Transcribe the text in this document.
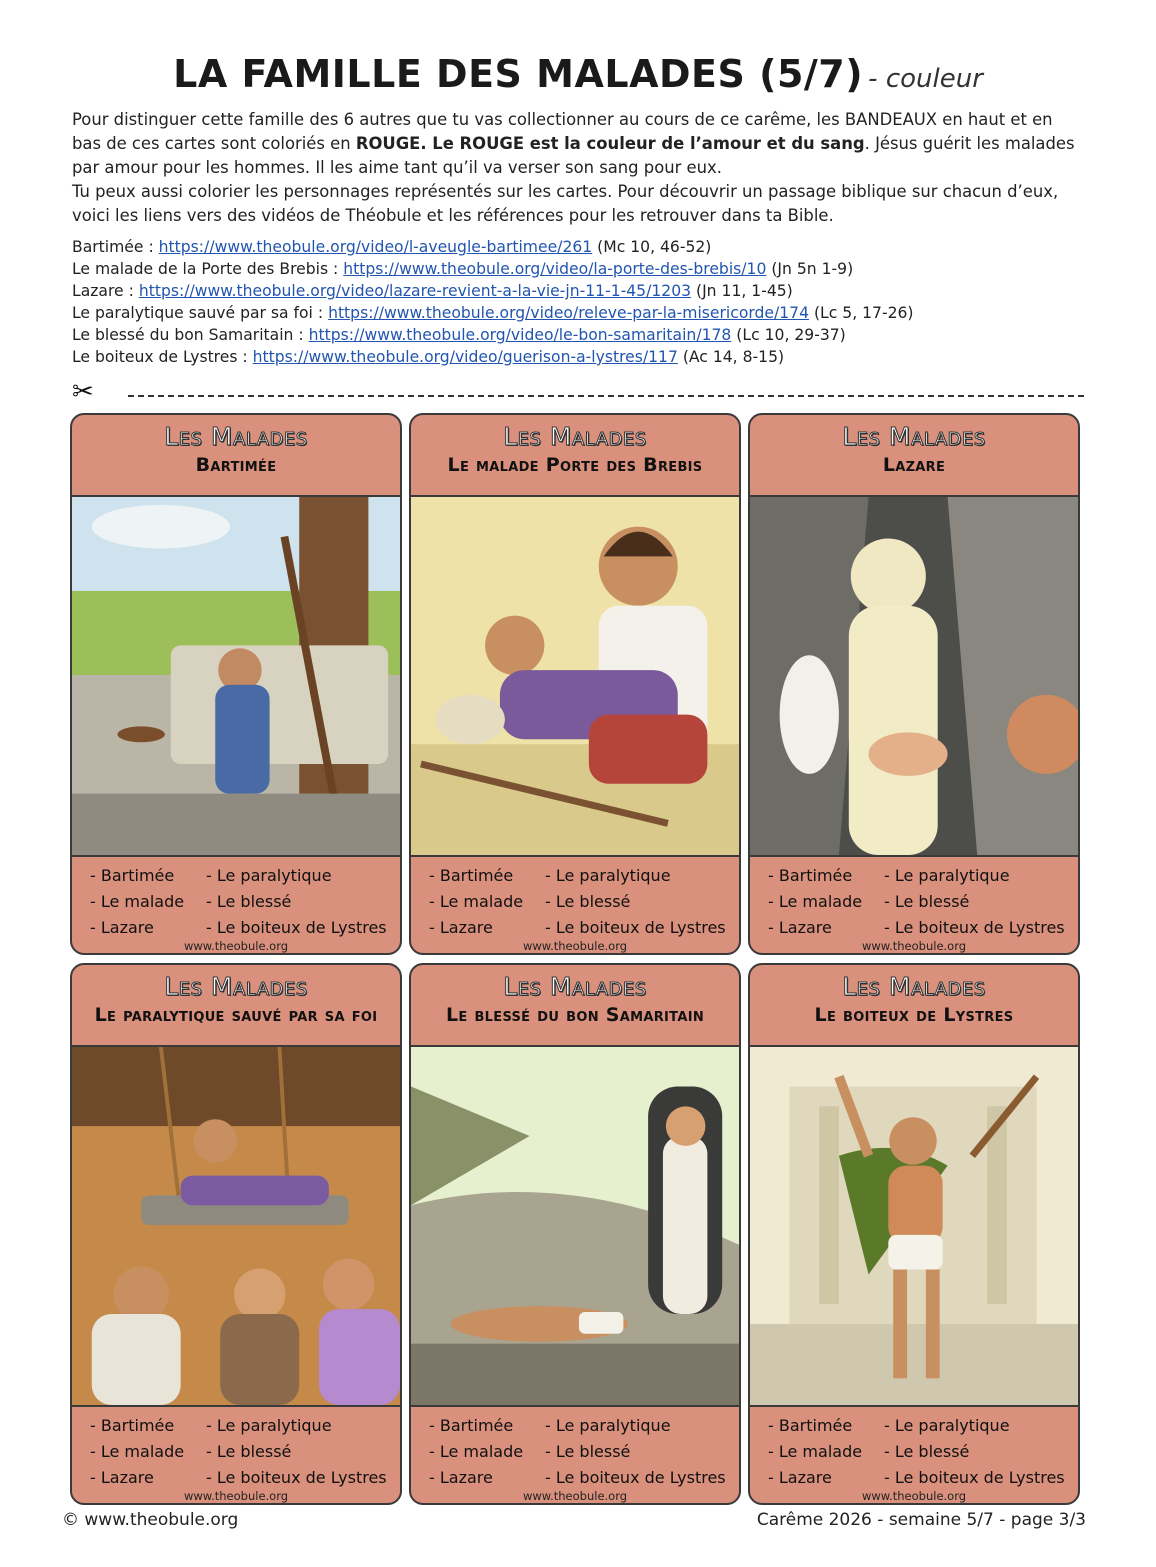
LA FAMILLE DES MALADES (5/7) - couleur
Pour distinguer cette famille des 6 autres que tu vas collectionner au cours de ce carême, les BANDEAUX en haut et en bas de ces cartes sont coloriés en ROUGE. Le ROUGE est la couleur de l’amour et du sang. Jésus guérit les malades par amour pour les hommes. Il les aime tant qu’il va verser son sang pour eux.
Tu peux aussi colorier les personnages représentés sur les cartes. Pour découvrir un passage biblique sur chacun d’eux, voici les liens vers des vidéos de Théobule et les références pour les retrouver dans ta Bible.
Bartimée : https://www.theobule.org/video/l-aveugle-bartimee/261 (Mc 10, 46-52)
Le malade de la Porte des Brebis : https://www.theobule.org/video/la-porte-des-brebis/10 (Jn 5n 1-9)
Lazare : https://www.theobule.org/video/lazare-revient-a-la-vie-jn-11-1-45/1203 (Jn 11, 1-45)
Le paralytique sauvé par sa foi : https://www.theobule.org/video/releve-par-la-misericorde/174 (Lc 5, 17-26)
Le blessé du bon Samaritain : https://www.theobule.org/video/le-bon-samaritain/178 (Lc 10, 29-37)
Le boiteux de Lystres : https://www.theobule.org/video/guerison-a-lystres/117 (Ac 14, 8-15)
✂
Les Malades
Bartimée
- Bartimée
- Le malade
- Lazare
- Le paralytique
- Le blessé
- Le boiteux de Lystres
www.theobule.org
Les Malades
Le malade Porte des Brebis
- Bartimée
- Le malade
- Lazare
- Le paralytique
- Le blessé
- Le boiteux de Lystres
www.theobule.org
Les Malades
Lazare
- Bartimée
- Le malade
- Lazare
- Le paralytique
- Le blessé
- Le boiteux de Lystres
www.theobule.org
Les Malades
Le paralytique sauvé par sa foi
- Bartimée
- Le malade
- Lazare
- Le paralytique
- Le blessé
- Le boiteux de Lystres
www.theobule.org
Les Malades
Le blessé du bon Samaritain
- Bartimée
- Le malade
- Lazare
- Le paralytique
- Le blessé
- Le boiteux de Lystres
www.theobule.org
Les Malades
Le boiteux de Lystres
- Bartimée
- Le malade
- Lazare
- Le paralytique
- Le blessé
- Le boiteux de Lystres
www.theobule.org
© www.theobule.org	Carême 2026 - semaine 5/7 - page 3/3
